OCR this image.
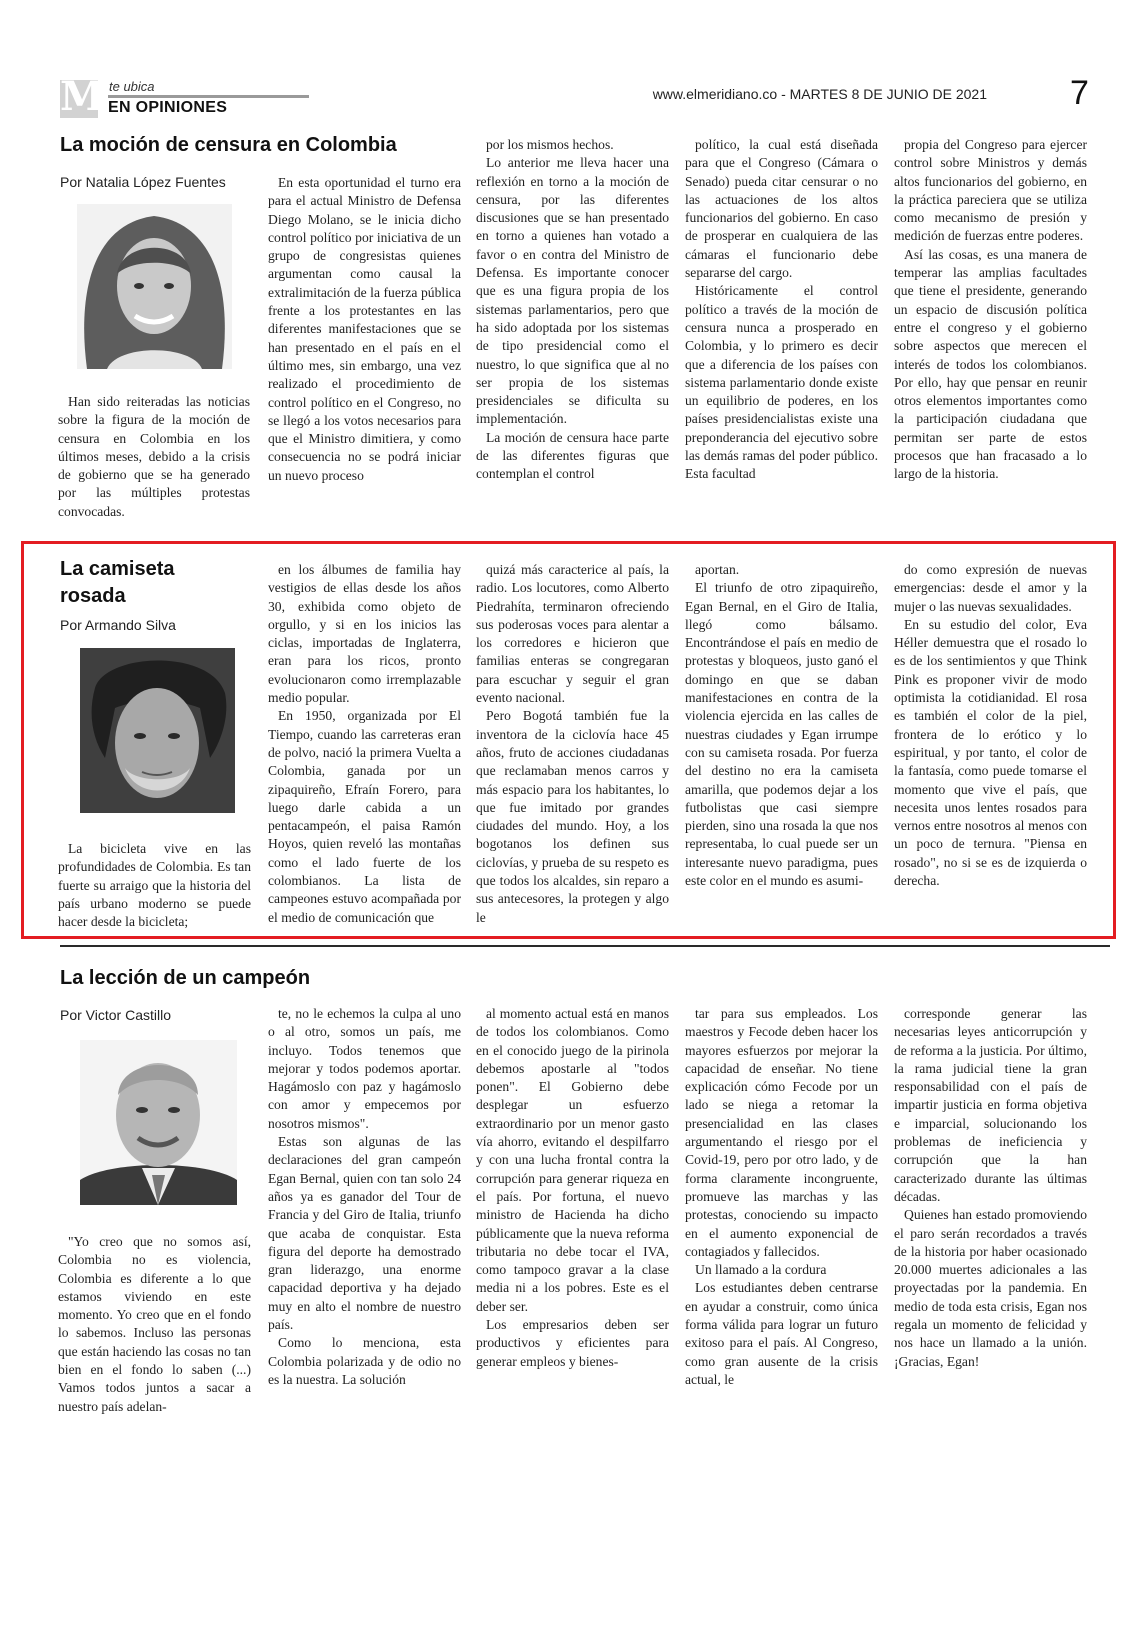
M te ubica
EN OPINIONES
www.elmeridiano.co - MARTES 8 DE JUNIO DE 2021 7
La moción de censura en Colombia
Por Natalia López Fuentes

Han sido reiteradas las noticias sobre la figura de la moción de censura en Colombia en los últimos meses, debido a la crisis de gobierno que se ha generado por las múltiples protestas convocadas.

En esta oportunidad el turno era para el actual Ministro de Defensa Diego Molano, se le inicia dicho control político por iniciativa de un grupo de congresistas quienes argumentan como causal la extralimitación de la fuerza pública frente a los protestantes en las diferentes manifestaciones que se han presentado en el país en el último mes, sin embargo, una vez realizado el procedimiento de control político en el Congreso, no se llegó a los votos necesarios para que el Ministro dimitiera, y como consecuencia no se podrá iniciar un nuevo proceso

por los mismos hechos.

Lo anterior me lleva hacer una reflexión en torno a la moción de censura, por las diferentes discusiones que se han presentado en torno a quienes han votado a favor o en contra del Ministro de Defensa. Es importante conocer que es una figura propia de los sistemas parlamentarios, pero que ha sido adoptada por los sistemas de tipo presidencial como el nuestro, lo que significa que al no ser propia de los sistemas presidenciales se dificulta su implementación.

La moción de censura hace parte de las diferentes figuras que contemplan el control

político, la cual está diseñada para que el Congreso (Cámara o Senado) pueda citar censurar o no las actuaciones de los altos funcionarios del gobierno. En caso de prosperar en cualquiera de las cámaras el funcionario debe separarse del cargo.

Históricamente el control político a través de la moción de censura nunca a prosperado en Colombia, y lo primero es decir que a diferencia de los países con sistema parlamentario donde existe un equilibrio de poderes, en los países presidencialistas existe una preponderancia del ejecutivo sobre las demás ramas del poder público. Esta facultad

propia del Congreso para ejercer control sobre Ministros y demás altos funcionarios del gobierno, en la práctica pareciera que se utiliza como mecanismo de presión y medición de fuerzas entre poderes.

Así las cosas, es una manera de temperar las amplias facultades que tiene el presidente, generando un espacio de discusión política entre el congreso y el gobierno sobre aspectos que merecen el interés de todos los colombianos. Por ello, hay que pensar en reunir otros elementos importantes como la participación ciudadana que permitan ser parte de estos procesos que han fracasado a lo largo de la historia.

La camiseta rosada
Por Armando Silva

La bicicleta vive en las profundidades de Colombia. Es tan fuerte su arraigo que la historia del país urbano moderno se puede hacer desde la bicicleta;

en los álbumes de familia hay vestigios de ellas desde los años 30, exhibida como objeto de orgullo, y si en los inicios las ciclas, importadas de Inglaterra, eran para los ricos, pronto evolucionaron como irremplazable medio popular.

En 1950, organizada por El Tiempo, cuando las carreteras eran de polvo, nació la primera Vuelta a Colombia, ganada por un zipaquireño, Efraín Forero, para luego darle cabida a un pentacampeón, el paisa Ramón Hoyos, quien reveló las montañas como el lado fuerte de los colombianos. La lista de campeones estuvo acompañada por el medio de comunicación que

quizá más caracterice al país, la radio. Los locutores, como Alberto Piedrahíta, terminaron ofreciendo sus poderosas voces para alentar a los corredores e hicieron que familias enteras se congregaran para escuchar y seguir el gran evento nacional.

Pero Bogotá también fue la inventora de la ciclovía hace 45 años, fruto de acciones ciudadanas que reclamaban menos carros y más espacio para los habitantes, lo que fue imitado por grandes ciudades del mundo. Hoy, a los bogotanos los definen sus ciclovías, y prueba de su respeto es que todos los alcaldes, sin reparo a sus antecesores, la protegen y algo le

aportan.

El triunfo de otro zipaquireño, Egan Bernal, en el Giro de Italia, llegó como bálsamo. Encontrándose el país en medio de protestas y bloqueos, justo ganó el domingo en que se daban manifestaciones en contra de la violencia ejercida en las calles de nuestras ciudades y Egan irrumpe con su camiseta rosada. Por fuerza del destino no era la camiseta amarilla, que podemos dejar a los futbolistas que casi siempre pierden, sino una rosada la que nos representaba, lo cual puede ser un interesante nuevo paradigma, pues este color en el mundo es asumi-

do como expresión de nuevas emergencias: desde el amor y la mujer o las nuevas sexualidades.

En su estudio del color, Eva Héller demuestra que el rosado lo es de los sentimientos y que Think Pink es proponer vivir de modo optimista la cotidianidad. El rosa es también el color de la piel, frontera de lo erótico y lo espiritual, y por tanto, el color de la fantasía, como puede tomarse el momento que vive el país, que necesita unos lentes rosados para vernos entre nosotros al menos con un poco de ternura. "Piensa en rosado", no si se es de izquierda o derecha.

La lección de un campeón
Por Victor Castillo

"Yo creo que no somos así, Colombia no es violencia, Colombia es diferente a lo que estamos viviendo en este momento. Yo creo que en el fondo lo sabemos. Incluso las personas que están haciendo las cosas no tan bien en el fondo lo saben (...) Vamos todos juntos a sacar a nuestro país adelan-

te, no le echemos la culpa al uno o al otro, somos un país, me incluyo. Todos tenemos que mejorar y todos podemos aportar. Hagámoslo con paz y hagámoslo con amor y empecemos por nosotros mismos".

Estas son algunas de las declaraciones del gran campeón Egan Bernal, quien con tan solo 24 años ya es ganador del Tour de Francia y del Giro de Italia, triunfo que acaba de conquistar. Esta figura del deporte ha demostrado gran liderazgo, una enorme capacidad deportiva y ha dejado muy en alto el nombre de nuestro país.

Como lo menciona, esta Colombia polarizada y de odio no es la nuestra. La solución

al momento actual está en manos de todos los colombianos. Como en el conocido juego de la pirinola debemos apostarle al "todos ponen". El Gobierno debe desplegar un esfuerzo extraordinario por un menor gasto vía ahorro, evitando el despilfarro y con una lucha frontal contra la corrupción para generar riqueza en el país. Por fortuna, el nuevo ministro de Hacienda ha dicho públicamente que la nueva reforma tributaria no debe tocar el IVA, como tampoco gravar a la clase media ni a los pobres. Este es el deber ser.

Los empresarios deben ser productivos y eficientes para generar empleos y bienes-

tar para sus empleados. Los maestros y Fecode deben hacer los mayores esfuerzos por mejorar la capacidad de enseñar. No tiene explicación cómo Fecode por un lado se niega a retomar la presencialidad en las clases argumentando el riesgo por el Covid-19, pero por otro lado, y de forma claramente incongruente, promueve las marchas y las protestas, conociendo su impacto en el aumento exponencial de contagiados y fallecidos.

Un llamado a la cordura

Los estudiantes deben centrarse en ayudar a construir, como única forma válida para lograr un futuro exitoso para el país. Al Congreso, como gran ausente de la crisis actual, le

corresponde generar las necesarias leyes anticorrupción y de reforma a la justicia. Por último, la rama judicial tiene la gran responsabilidad con el país de impartir justicia en forma objetiva e imparcial, solucionando los problemas de ineficiencia y corrupción que la han caracterizado durante las últimas décadas.

Quienes han estado promoviendo el paro serán recordados a través de la historia por haber ocasionado 20.000 muertes adicionales a las proyectadas por la pandemia. En medio de toda esta crisis, Egan nos regala un momento de felicidad y nos hace un llamado a la unión. ¡Gracias, Egan!
